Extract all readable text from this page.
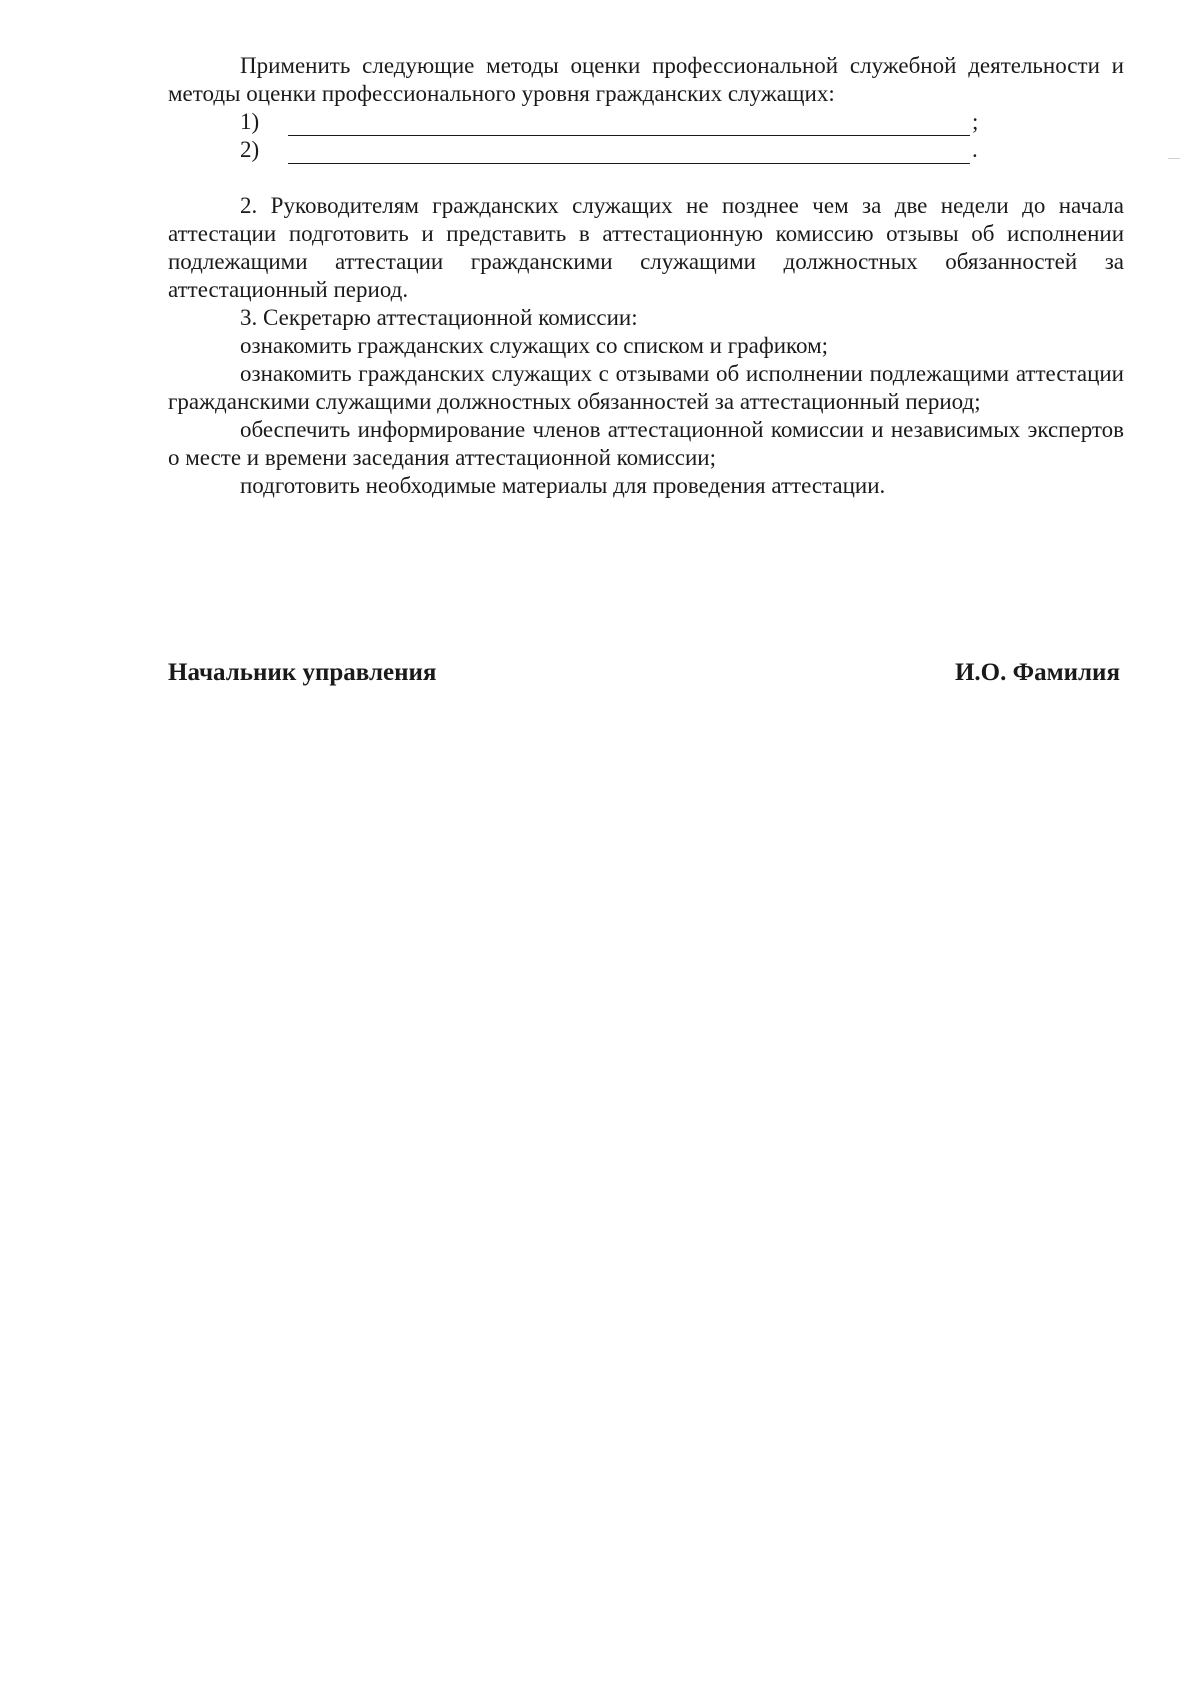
Применить следующие методы оценки профессиональной служебной деятельности и методы оценки профессионального уровня гражданских служащих:

1)	;
2)	.

2. Руководителям гражданских служащих не позднее чем за две недели до начала аттестации подготовить и представить в аттестационную комиссию отзывы об исполнении подлежащими аттестации гражданскими служащими должностных обязанностей за аттестационный период.

3. Секретарю аттестационной комиссии:

ознакомить гражданских служащих со списком и графиком;

ознакомить гражданских служащих с отзывами об исполнении подлежащими аттестации гражданскими служащими должностных обязанностей за аттестационный период;

обеспечить информирование членов аттестационной комиссии и независимых экспертов о месте и времени заседания аттестационной комиссии;

подготовить необходимые материалы для проведения аттестации.

Начальник управления	И.О. Фамилия
